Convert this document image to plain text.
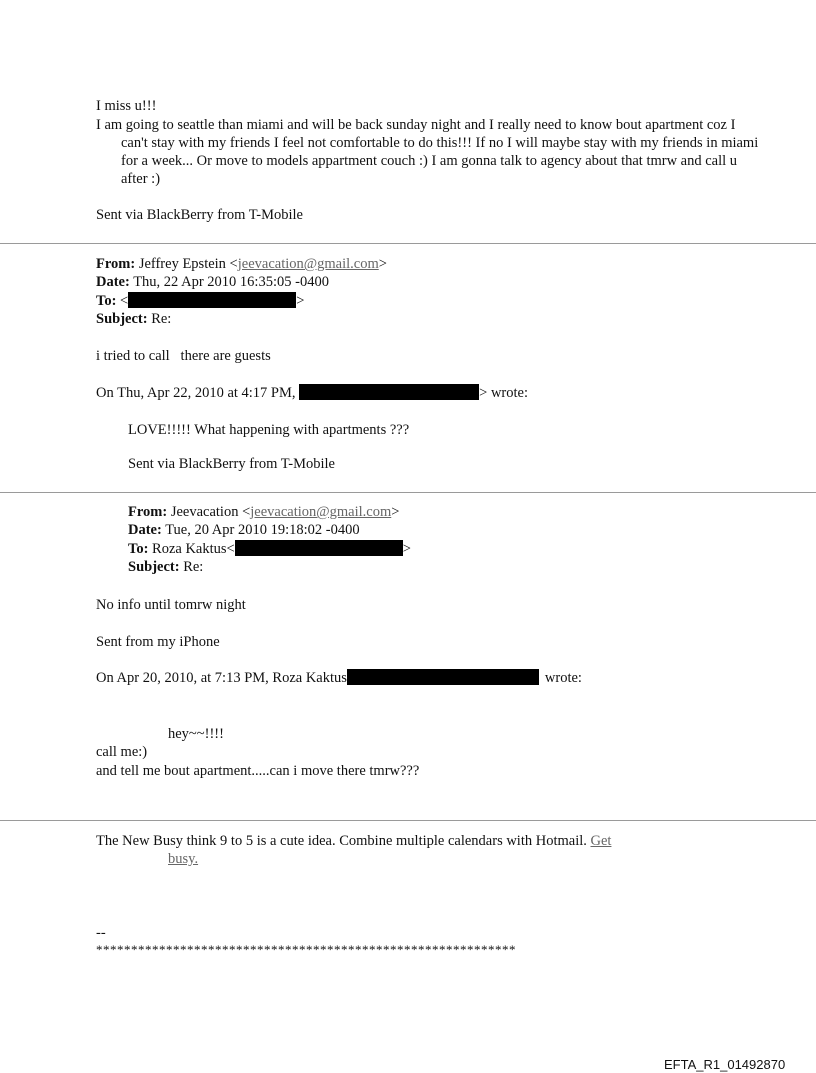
I miss u!!!
I am going to seattle than miami and will be back sunday night and I really need to know bout apartment coz I can't stay with my friends I feel not comfortable to do this!!! If no I will maybe stay with my friends in miami for a week... Or move to models appartment couch :) I am gonna talk to agency about that tmrw and call u after :)
Sent via BlackBerry from T-Mobile
From: Jeffrey Epstein <jeevacation@gmail.com>
Date: Thu, 22 Apr 2010 16:35:05 -0400
To: <	>
Subject: Re:
i tried to call   there are guests
On Thu, Apr 22, 2010 at 4:17 PM,	> wrote:
LOVE!!!!! What happening with apartments ???
Sent via BlackBerry from T-Mobile
From: Jeevacation <jeevacation@gmail.com>
Date: Tue, 20 Apr 2010 19:18:02 -0400
To: Roza Kaktus<	>
Subject: Re:
No info until tomrw night
Sent from my iPhone
On Apr 20, 2010, at 7:13 PM, Roza Kaktus	wrote:
hey~~!!!!
call me:)
and tell me bout apartment.....can i move there tmrw???
The New Busy think 9 to 5 is a cute idea. Combine multiple calendars with Hotmail. Get
busy.
--
************************************************************
EFTA_R1_01492870
